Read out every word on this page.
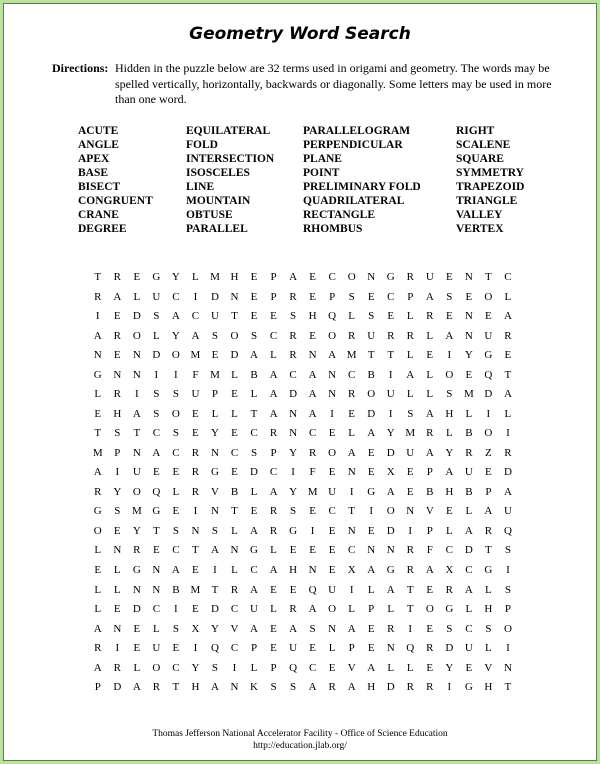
Geometry Word Search
Directions: Hidden in the puzzle below are 32 terms used in origami and geometry. The words may be spelled vertically, horizontally, backwards or diagonally. Some letters may be used in more than one word.
ACUTE
ANGLE
APEX
BASE
BISECT
CONGRUENT
CRANE
DEGREE
EQUILATERAL
FOLD
INTERSECTION
ISOSCELES
LINE
MOUNTAIN
OBTUSE
PARALLEL
PARALLELOGRAM
PERPENDICULAR
PLANE
POINT
PRELIMINARY FOLD
QUADRILATERAL
RECTANGLE
RHOMBUS
RIGHT
SCALENE
SQUARE
SYMMETRY
TRAPEZOID
TRIANGLE
VALLEY
VERTEX
T	R	E	G	Y	L	M H	E	P	A	E	C	O	N	G	R	U	E	N	T	C
R	A	L	U	C	I	D	N	E	P	R	E	P	S	E	C	P	A	S	E	O	L
I	E	D	S	A	C	U	T	E	E	S	H	Q	L	S	E	L	R	E	N	E	A
A	R	O	L	Y	A	S	O	S	C	R	E	O	R	U	R	R	L	A	N	U	R
N	E	N	D	O M	E	D	A	L	R	N	A M	T	T	L	E	I	Y	G	E
G	N	N	I	I	F	M	L	B	A	C	A	N	C	B	I	A	L	O	E	Q	T
L	R	I	S	S	U	P	E	L	A	D	A	N	R	O	U	L	L	S	M D	A
E	H	A	S	O	E	L	L	T	A	N	A	I	E	D	I	S	A	H	L	I	L
T	S	T	C	S	E	Y	E	C	R	N	C	E	L	A	Y M R	L	B	O	I
M	P	N	A	C	R	N	C	S	P	Y	R	O	A	E	D	U	A	Y	R	Z	R
A	I	U	E	E	R	G	E	D	C	I	F	E	N	E	X	E	P	A	U	E	D
R	Y	O	Q	L	R	V	B	L	A	Y M U	I	G	A	E	B	H	B	P	A
G	S	M G	E	I	N	T	E	R	S	E	C	T	I	O	N	V	E	L	A	U
O	E	Y	T	S	N	S	L	A	R	G	I	E	N	E	D	I	P	L	A	R	Q
L	N	R	E	C	T	A	N	G	L	E	E	E	C	N	N	R	F	C	D	T	S
E	L	G	N	A	E	I	L	C	A	H	N	E	X	A	G	R	A	X	C	G	I
L	L	N	N	B M	T	R	A	E	E	Q	U	I	L	A	T	E	R	A	L	S
L	E	D	C	I	E	D	C	U	L	R	A	O	L	P	L	T	O	G	L	H	P
A	N	E	L	S	X	Y	V	A	E	A	S	N	A	E	R	I	E	S	C	S	O
R	I	E	U	E	I	Q	C	P	E	U	E	L	P	E	N	Q	R	D	U	L	I
A	R	L	O	C	Y	S	I	L	P	Q	C	E	V	A	L	L	E	Y	E	V	N
P	D	A	R	T	H	A	N	K	S	S	A	R	A	H	D	R	R	I	G	H	T
Thomas Jefferson National Accelerator Facility - Office of Science Education
http://education.jlab.org/
